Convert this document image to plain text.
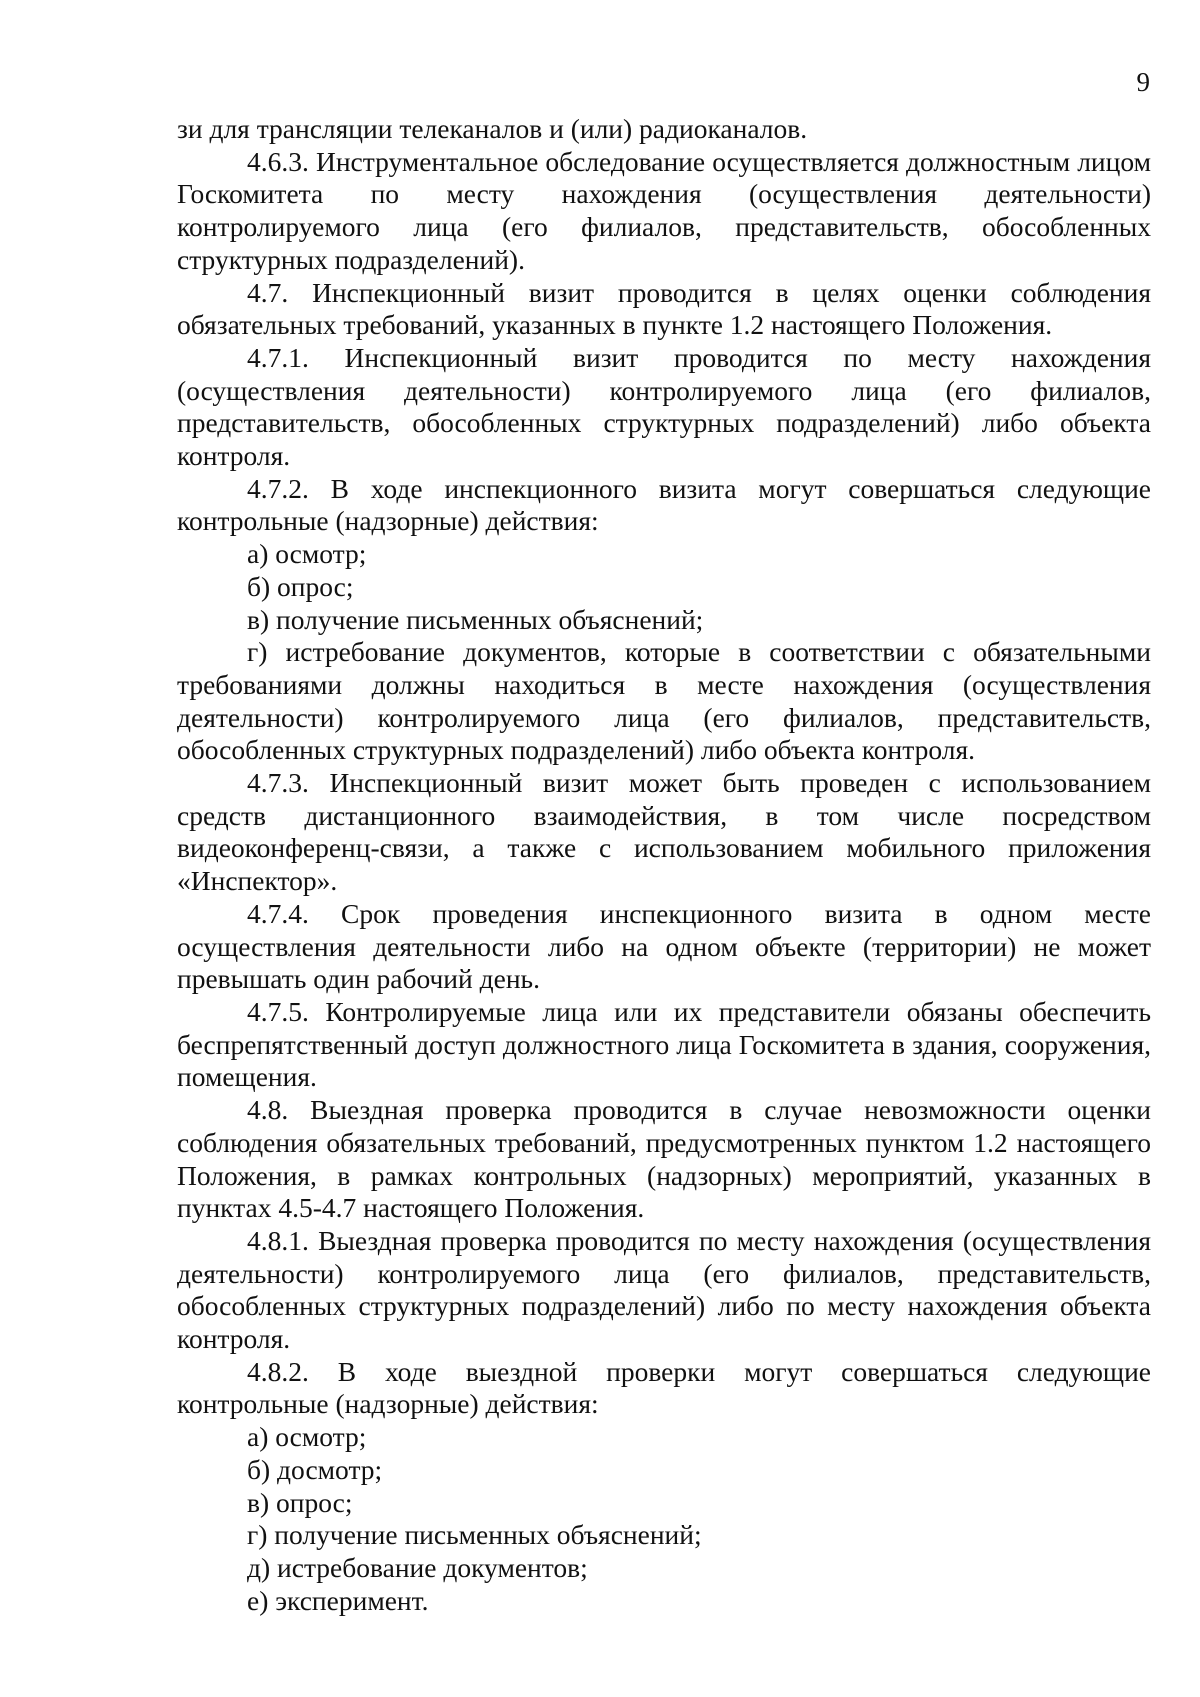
9

зи для трансляции телеканалов и (или) радиоканалов.

4.6.3. Инструментальное обследование осуществляется должностным лицом Госкомитета по месту нахождения (осуществления деятельности) контролируемого лица (его филиалов, представительств, обособленных структурных подразделений).

4.7. Инспекционный визит проводится в целях оценки соблюдения обязательных требований, указанных в пункте 1.2 настоящего Положения.

4.7.1. Инспекционный визит проводится по месту нахождения (осуществления деятельности) контролируемого лица (его филиалов, представительств, обособленных структурных подразделений) либо объекта контроля.

4.7.2. В ходе инспекционного визита могут совершаться следующие контрольные (надзорные) действия:

а) осмотр;

б) опрос;

в) получение письменных объяснений;

г) истребование документов, которые в соответствии с обязательными требованиями должны находиться в месте нахождения (осуществления деятельности) контролируемого лица (его филиалов, представительств, обособленных структурных подразделений) либо объекта контроля.

4.7.3. Инспекционный визит может быть проведен с использованием средств дистанционного взаимодействия, в том числе посредством видеоконференц-связи, а также с использованием мобильного приложения «Инспектор».

4.7.4. Срок проведения инспекционного визита в одном месте осуществления деятельности либо на одном объекте (территории) не может превышать один рабочий день.

4.7.5. Контролируемые лица или их представители обязаны обеспечить беспрепятственный доступ должностного лица Госкомитета в здания, сооружения, помещения.

4.8. Выездная проверка проводится в случае невозможности оценки соблюдения обязательных требований, предусмотренных пунктом 1.2 настоящего Положения, в рамках контрольных (надзорных) мероприятий, указанных в пунктах 4.5-4.7 настоящего Положения.

4.8.1. Выездная проверка проводится по месту нахождения (осуществления деятельности) контролируемого лица (его филиалов, представительств, обособленных структурных подразделений) либо по месту нахождения объекта контроля.

4.8.2. В ходе выездной проверки могут совершаться следующие контрольные (надзорные) действия:

а) осмотр;

б) досмотр;

в) опрос;

г) получение письменных объяснений;

д) истребование документов;

е) эксперимент.
